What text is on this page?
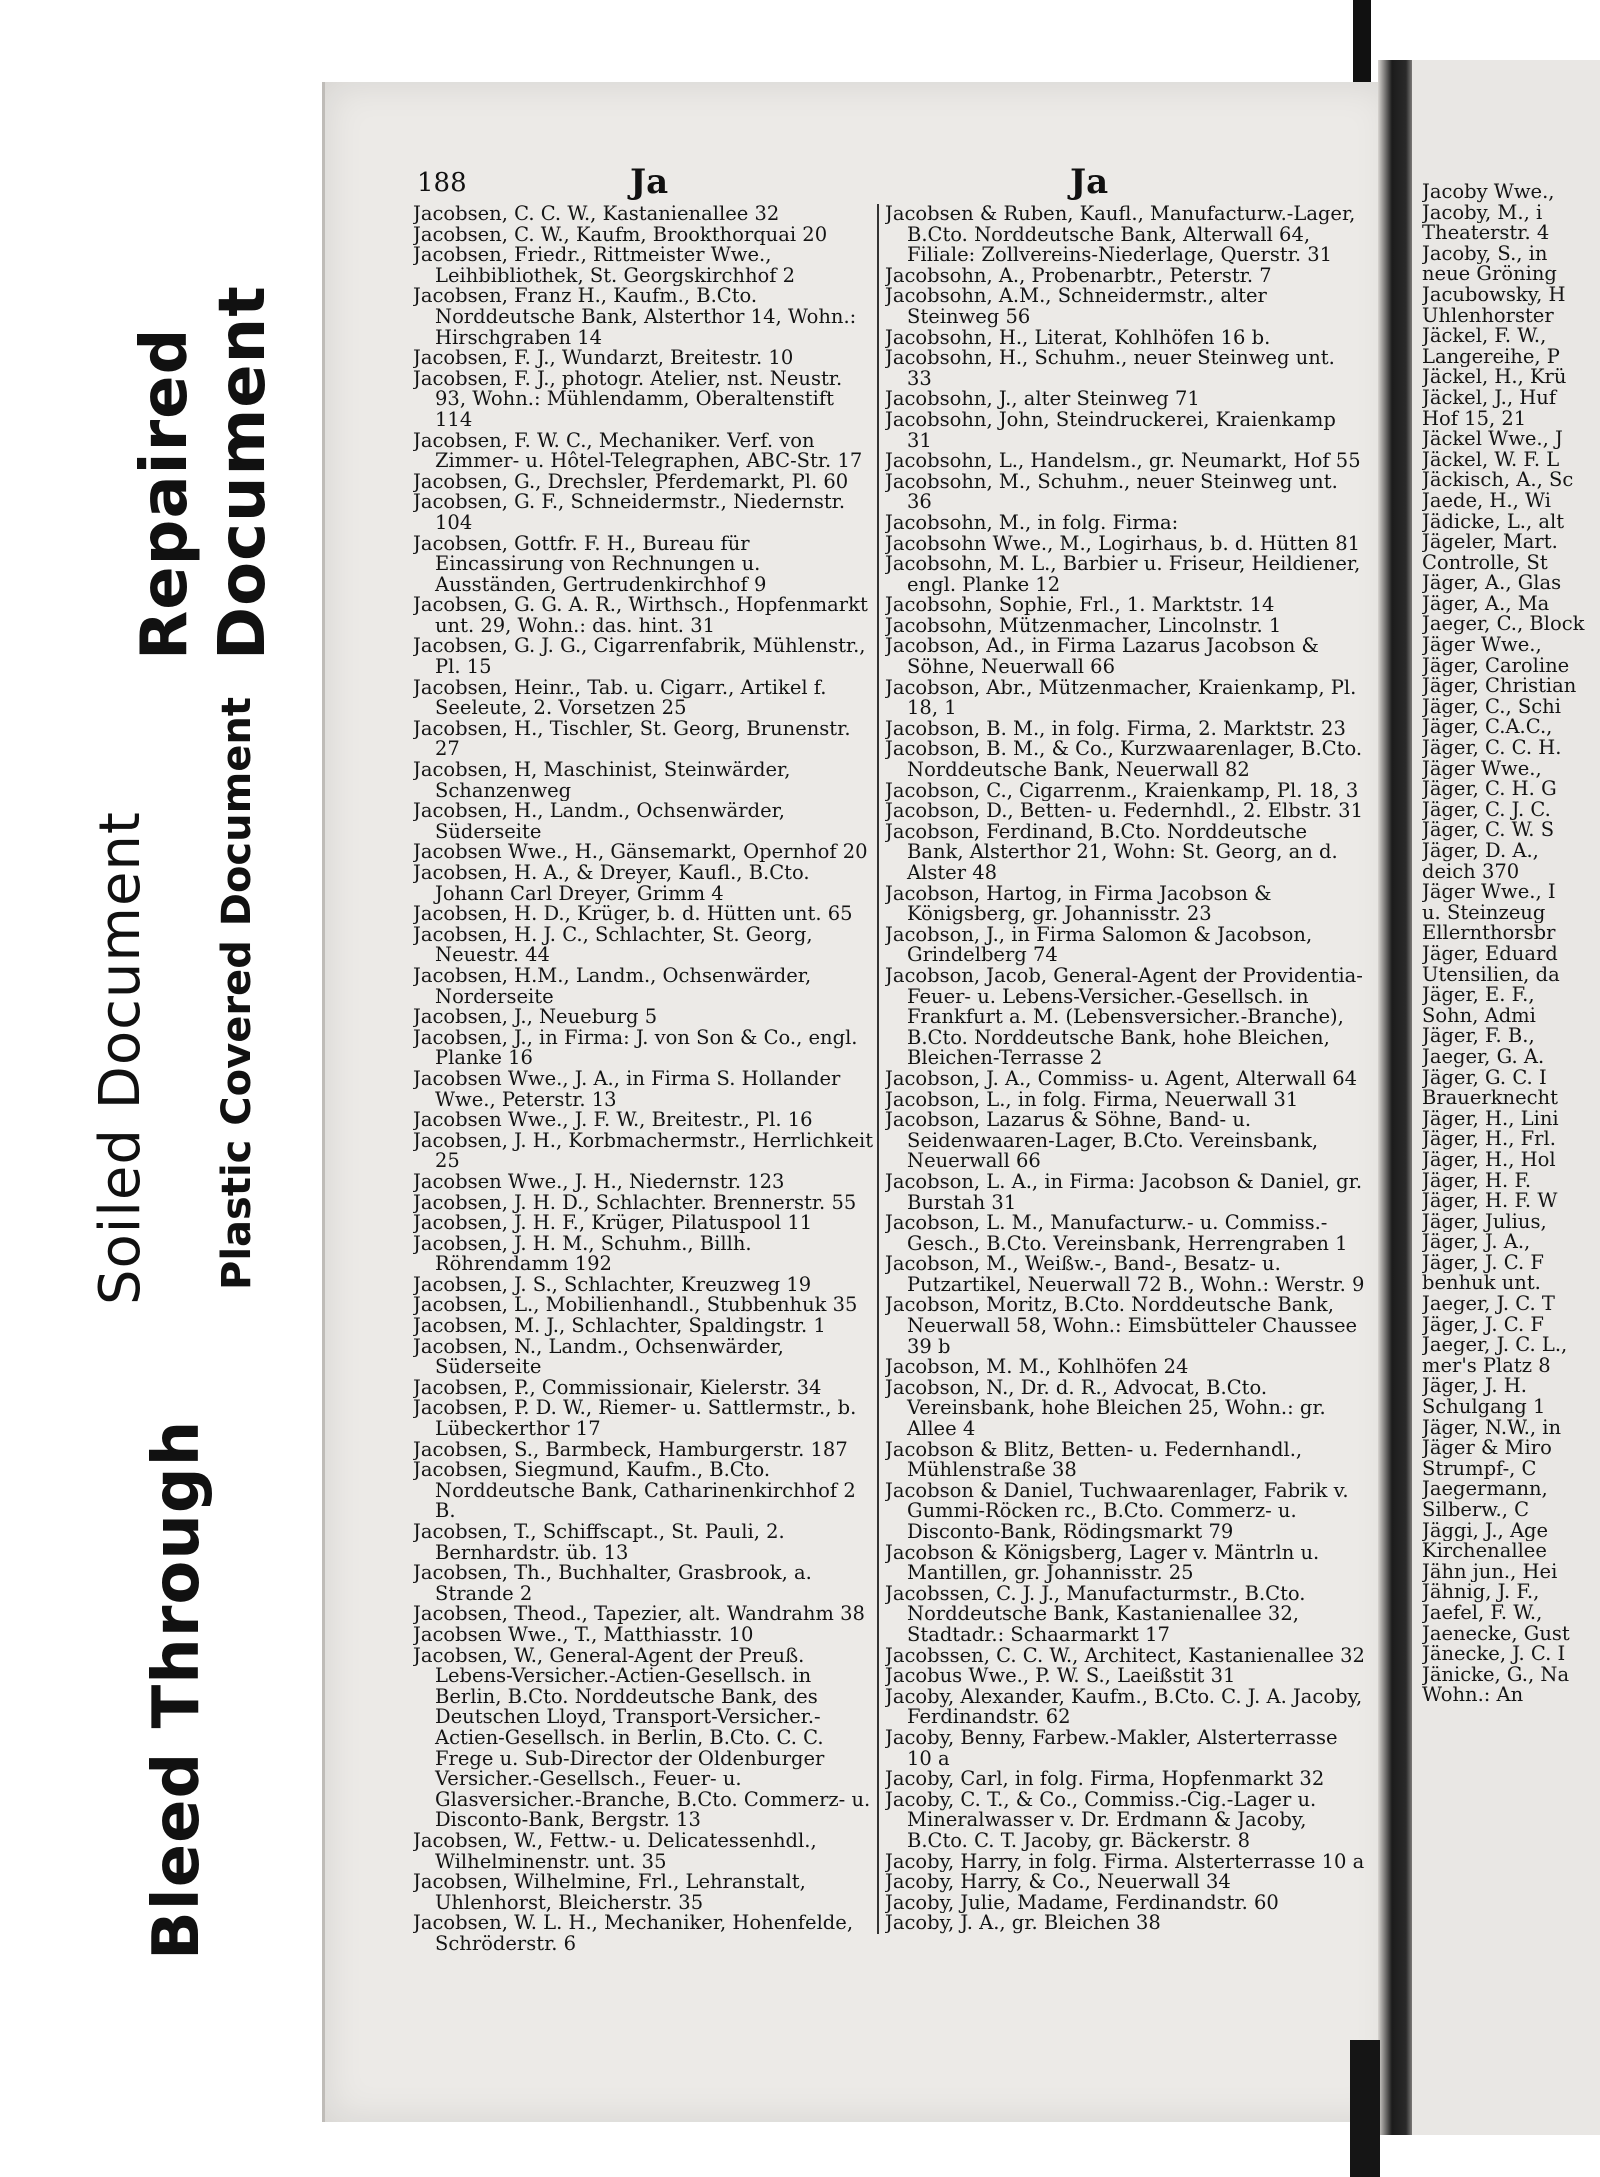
Bleed Through
Soiled Document Plastic Covered Document
Repaired Document
188	Ja	Ja
Jacobsen, C. C. W., Kastanienallee 32
Jacobsen, C. W., Kaufm, Brookthorquai 20
Jacobsen, Friedr., Rittmeister Wwe., Leihbibliothek, St. Georgskirchhof 2
Jacobsen, Franz H., Kaufm., B.Cto. Norddeutsche Bank, Alsterthor 14, Wohn.: Hirschgraben 14
Jacobsen, F. J., Wundarzt, Breitestr. 10
Jacobsen, F. J., photogr. Atelier, nst. Neustr. 93, Wohn.: Mühlendamm, Oberaltenstift 114
Jacobsen, F. W. C., Mechaniker. Verf. von Zimmer- u. Hôtel-Telegraphen, ABC-Str. 17
Jacobsen, G., Drechsler, Pferdemarkt, Pl. 60
Jacobsen, G. F., Schneidermstr., Niedernstr. 104
Jacobsen, Gottfr. F. H., Bureau für Eincassirung von Rechnungen u. Ausständen, Gertrudenkirchhof 9
Jacobsen, G. G. A. R., Wirthsch., Hopfenmarkt unt. 29, Wohn.: das. hint. 31
Jacobsen, G. J. G., Cigarrenfabrik, Mühlenstr., Pl. 15
Jacobsen, Heinr., Tab. u. Cigarr., Artikel f. Seeleute, 2. Vorsetzen 25
Jacobsen, H., Tischler, St. Georg, Brunenstr. 27
Jacobsen, H, Maschinist, Steinwärder, Schanzenweg
Jacobsen, H., Landm., Ochsenwärder, Süderseite
Jacobsen Wwe., H., Gänsemarkt, Opernhof 20
Jacobsen, H. A., & Dreyer, Kaufl., B.Cto. Johann Carl Dreyer, Grimm 4
Jacobsen, H. D., Krüger, b. d. Hütten unt. 65
Jacobsen, H. J. C., Schlachter, St. Georg, Neuestr. 44
Jacobsen, H.M., Landm., Ochsenwärder, Norderseite
Jacobsen, J., Neueburg 5
Jacobsen, J., in Firma: J. von Son & Co., engl. Planke 16
Jacobsen Wwe., J. A., in Firma S. Hollander Wwe., Peterstr. 13
Jacobsen Wwe., J. F. W., Breitestr., Pl. 16
Jacobsen, J. H., Korbmachermstr., Herrlichkeit 25
Jacobsen Wwe., J. H., Niedernstr. 123
Jacobsen, J. H. D., Schlachter. Brennerstr. 55
Jacobsen, J. H. F., Krüger, Pilatuspool 11
Jacobsen, J. H. M., Schuhm., Billh. Röhrendamm 192
Jacobsen, J. S., Schlachter, Kreuzweg 19
Jacobsen, L., Mobilienhandl., Stubbenhuk 35
Jacobsen, M. J., Schlachter, Spaldingstr. 1
Jacobsen, N., Landm., Ochsenwärder, Süderseite
Jacobsen, P., Commissionair, Kielerstr. 34
Jacobsen, P. D. W., Riemer- u. Sattlermstr., b. Lübeckerthor 17
Jacobsen, S., Barmbeck, Hamburgerstr. 187
Jacobsen, Siegmund, Kaufm., B.Cto. Norddeutsche Bank, Catharinenkirchhof 2 B.
Jacobsen, T., Schiffscapt., St. Pauli, 2. Bernhardstr. üb. 13
Jacobsen, Th., Buchhalter, Grasbrook, a. Strande 2
Jacobsen, Theod., Tapezier, alt. Wandrahm 38
Jacobsen Wwe., T., Matthiasstr. 10
Jacobsen, W., General-Agent der Preuß. Lebens-Versicher.-Actien-Gesellsch. in Berlin, B.Cto. Norddeutsche Bank, des Deutschen Lloyd, Transport-Versicher.-Actien-Gesellsch. in Berlin, B.Cto. C. C. Frege u. Sub-Director der Oldenburger Versicher.-Gesellsch., Feuer- u. Glasversicher.-Branche, B.Cto. Commerz- u. Disconto-Bank, Bergstr. 13
Jacobsen, W., Fettw.- u. Delicatessenhdl., Wilhelminenstr. unt. 35
Jacobsen, Wilhelmine, Frl., Lehranstalt, Uhlenhorst, Bleicherstr. 35
Jacobsen, W. L. H., Mechaniker, Hohenfelde, Schröderstr. 6
Jacobsen & Ruben, Kaufl., Manufacturw.-Lager, B.Cto. Norddeutsche Bank, Alterwall 64, Filiale: Zollvereins-Niederlage, Querstr. 31
Jacobsohn, A., Probenarbtr., Peterstr. 7
Jacobsohn, A.M., Schneidermstr., alter Steinweg 56
Jacobsohn, H., Literat, Kohlhöfen 16 b.
Jacobsohn, H., Schuhm., neuer Steinweg unt. 33
Jacobsohn, J., alter Steinweg 71
Jacobsohn, John, Steindruckerei, Kraienkamp 31
Jacobsohn, L., Handelsm., gr. Neumarkt, Hof 55
Jacobsohn, M., Schuhm., neuer Steinweg unt. 36
Jacobsohn, M., in folg. Firma:
Jacobsohn Wwe., M., Logirhaus, b. d. Hütten 81
Jacobsohn, M. L., Barbier u. Friseur, Heildiener, engl. Planke 12
Jacobsohn, Sophie, Frl., 1. Marktstr. 14
Jacobsohn, Mützenmacher, Lincolnstr. 1
Jacobson, Ad., in Firma Lazarus Jacobson & Söhne, Neuerwall 66
Jacobson, Abr., Mützenmacher, Kraienkamp, Pl. 18, 1
Jacobson, B. M., in folg. Firma, 2. Marktstr. 23
Jacobson, B. M., & Co., Kurzwaarenlager, B.Cto. Norddeutsche Bank, Neuerwall 82
Jacobson, C., Cigarrenm., Kraienkamp, Pl. 18, 3
Jacobson, D., Betten- u. Federnhdl., 2. Elbstr. 31
Jacobson, Ferdinand, B.Cto. Norddeutsche Bank, Alsterthor 21, Wohn: St. Georg, an d. Alster 48
Jacobson, Hartog, in Firma Jacobson & Königsberg, gr. Johannisstr. 23
Jacobson, J., in Firma Salomon & Jacobson, Grindelberg 74
Jacobson, Jacob, General-Agent der Providentia-Feuer- u. Lebens-Versicher.-Gesellsch. in Frankfurt a. M. (Lebensversicher.-Branche), B.Cto. Norddeutsche Bank, hohe Bleichen, Bleichen-Terrasse 2
Jacobson, J. A., Commiss- u. Agent, Alterwall 64
Jacobson, L., in folg. Firma, Neuerwall 31
Jacobson, Lazarus & Söhne, Band- u. Seidenwaaren-Lager, B.Cto. Vereinsbank, Neuerwall 66
Jacobson, L. A., in Firma: Jacobson & Daniel, gr. Burstah 31
Jacobson, L. M., Manufacturw.- u. Commiss.-Gesch., B.Cto. Vereinsbank, Herrengraben 1
Jacobson, M., Weißw.-, Band-, Besatz- u. Putzartikel, Neuerwall 72 B., Wohn.: Werstr. 9
Jacobson, Moritz, B.Cto. Norddeutsche Bank, Neuerwall 58, Wohn.: Eimsbütteler Chaussee 39 b
Jacobson, M. M., Kohlhöfen 24
Jacobson, N., Dr. d. R., Advocat, B.Cto. Vereinsbank, hohe Bleichen 25, Wohn.: gr. Allee 4
Jacobson & Blitz, Betten- u. Federnhandl., Mühlenstraße 38
Jacobson & Daniel, Tuchwaarenlager, Fabrik v. Gummi-Röcken rc., B.Cto. Commerz- u. Disconto-Bank, Rödingsmarkt 79
Jacobson & Königsberg, Lager v. Mäntrln u. Mantillen, gr. Johannisstr. 25
Jacobssen, C. J. J., Manufacturmstr., B.Cto. Norddeutsche Bank, Kastanienallee 32, Stadtadr.: Schaarmarkt 17
Jacobssen, C. C. W., Architect, Kastanienallee 32
Jacobus Wwe., P. W. S., Laeißstit 31
Jacoby, Alexander, Kaufm., B.Cto. C. J. A. Jacoby, Ferdinandstr. 62
Jacoby, Benny, Farbew.-Makler, Alsterterrasse 10 a
Jacoby, Carl, in folg. Firma, Hopfenmarkt 32
Jacoby, C. T., & Co., Commiss.-Cig.-Lager u. Mineralwasser v. Dr. Erdmann & Jacoby, B.Cto. C. T. Jacoby, gr. Bäckerstr. 8
Jacoby, Harry, in folg. Firma. Alsterterrasse 10 a
Jacoby, Harry, & Co., Neuerwall 34
Jacoby, Julie, Madame, Ferdinandstr. 60
Jacoby, J. A., gr. Bleichen 38
Jacoby Wwe.,
Jacoby, M., i
Theaterstr. 4
Jacoby, S., in
neue Gröning
Jacubowsky, H
Uhlenhorster
Jäckel, F. W.,
Langereihe, P
Jäckel, H., Krü
Jäckel, J., Huf
Hof 15, 21
Jäckel Wwe., J
Jäckel, W. F. L
Jäckisch, A., Sc
Jaede, H., Wi
Jädicke, L., alt
Jägeler, Mart.
Controlle, St
Jäger, A., Glas
Jäger, A., Ma
Jaeger, C., Block
Jäger Wwe.,
Jäger, Caroline
Jäger, Christian
Jäger, C., Schi
Jäger, C.A.C.,
Jäger, C. C. H.
Jäger Wwe.,
Jäger, C. H. G
Jäger, C. J. C.
Jäger, C. W. S
Jäger, D. A.,
deich 370
Jäger Wwe., I
u. Steinzeug
Ellernthorsbr
Jäger, Eduard
Utensilien, da
Jäger, E. F.,
Sohn, Admi
Jäger, F. B.,
Jaeger, G. A.
Jäger, G. C. I
Brauerknecht
Jäger, H., Lini
Jäger, H., Frl.
Jäger, H., Hol
Jäger, H. F.
Jäger, H. F. W
Jäger, Julius,
Jäger, J. A.,
Jäger, J. C. F
benhuk unt.
Jaeger, J. C. T
Jäger, J. C. F
Jaeger, J. C. L.,
mer's Platz 8
Jäger, J. H.
Schulgang 1
Jäger, N.W., in
Jäger & Miro
Strumpf-, C
Jaegermann,
Silberw., C
Jäggi, J., Age
Kirchenallee
Jähn jun., Hei
Jähnig, J. F.,
Jaefel, F. W.,
Jaenecke, Gust
Jänecke, J. C. I
Jänicke, G., Na
Wohn.: An
